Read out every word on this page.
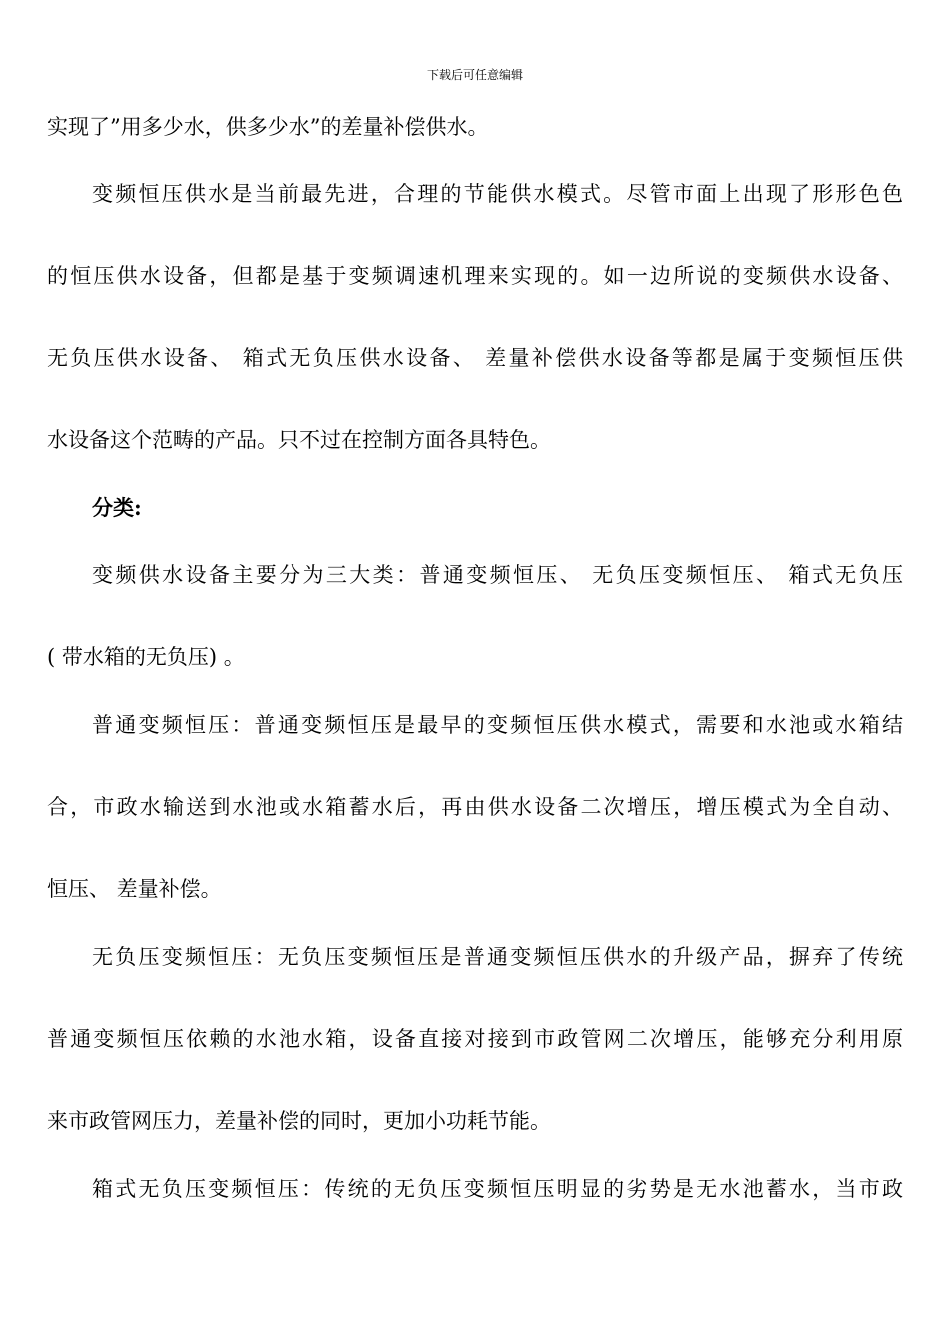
下载后可任意编辑
实现了”用多少水，供多少水”的差量补偿供水。
变频恒压供水是当前最先进，合理的节能供水模式。尽管市面上出现了形形色色
的恒压供水设备，但都是基于变频调速机理来实现的。如一边所说的变频供水设备、
无负压供水设备、 箱式无负压供水设备、 差量补偿供水设备等都是属于变频恒压供
水设备这个范畴的产品。只不过在控制方面各具特色。
分类:
变频供水设备主要分为三大类：普通变频恒压、 无负压变频恒压、 箱式无负压
( 带水箱的无负压) 。
普通变频恒压：普通变频恒压是最早的变频恒压供水模式，需要和水池或水箱结
合，市政水输送到水池或水箱蓄水后，再由供水设备二次增压，增压模式为全自动、
恒压、 差量补偿。
无负压变频恒压：无负压变频恒压是普通变频恒压供水的升级产品，摒弃了传统
普通变频恒压依赖的水池水箱，设备直接对接到市政管网二次增压，能够充分利用原
来市政管网压力，差量补偿的同时，更加小功耗节能。
箱式无负压变频恒压：传统的无负压变频恒压明显的劣势是无水池蓄水，当市政
